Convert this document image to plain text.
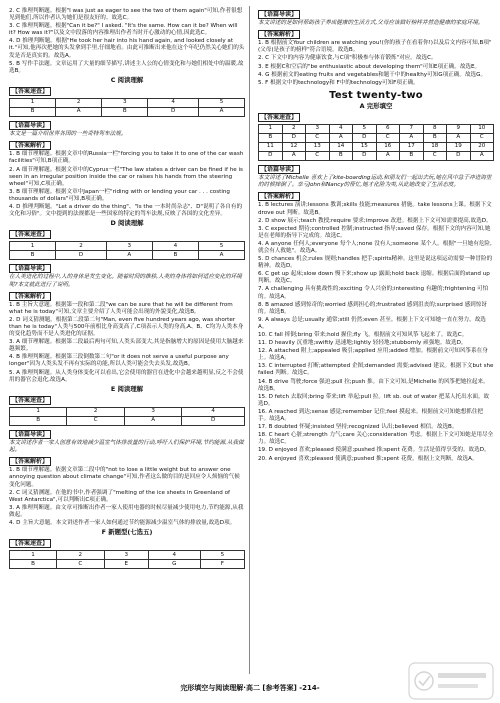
2. C 推理判断题。根据"I was just as eager to see the two of them again"可知,作者很想见到他们,所以作者认为她们是很友好的。故选C。

3. C 推理判断题。根据"Can it be?" I asked. "It's the same. How can it be? When will it? How was it?"以及文中段落的内容推理出作者当时开心激动的心情,因此选C。

4. D 推理判断题。根据"He took her hair into his hand again, and looked closely at it."可知,他再次把她的头发拿到手里,仔细地看。由此可推断出来他在这个年纪仍然关心她们的头发是否是真实的。故选A。

5. B 写作手法题。文章运用了大量的细节描写,讲述主人公的心情变化和与她们相处中的温暖,故选B。

C 阅读理解
【答案速查】
1	2	3	4	5
B	A	B	D	A
【语篇导读】

本文是一篇介绍世界各国的一些奇特驾车法规。

【答案解析】

1. B 细节理解题。根据文章中的Russia一栏"forcing you to take it to one of the car wash facilities"可知,B项正确。

2. A 细节理解题。根据文章中的Cyprus一栏"The law states a driver can be fined if he is seen in an irregular position inside the car or raises his hands from the steering wheel"可知,C项正确。

3. B 细节理解题。根据文章中Japan一栏"riding with or lending your car . . . costing thousands of dollars"可知,B项正确。

4. D 推理判断题。"Let a driver do the thing"、"Is the 一本时尚杂志"、D"说明了各自有的文化和习俗"。文中提到的法规都是一些国家的特定的驾车法规,反映了各国的文化差异。

D 阅读理解
【答案速查】
1	2	3	4	5
B	D	A	B	A
【语篇导读】

在人类进化的过程中,人的身体是发生变化。随着时间的推移,人类的身体将如何适应变化的环境呢?本文就此进行了说明。

【答案解析】

1. B 主旨大意题。根据第一段和第二段"we can be sure that he will be different from what he is today"可知,文章主要介绍了人类可能会出现的外貌变化,故选B。

2. D 词义猜测题。根据第二段第二句"Man, even five hundred years ago, was shorter than he is today"人类与500年前相比身高变高了,C项表示人类的身高,A、B、C均为人类本身的变化趋势而不是人类进化的证据。

3. A 细节理解题。根据第二段最后两句可知,人类头部变大,其是指脑增大的原因是使用大脑越来越频繁。

4. B 推理判断题。根据第三段倒数第二句"or it does not serve a useful purpose any longer"因为人类头发不再有实际的功能,所以人类可能会失去头发,故选B。

5. A 推理判断题。从人类身体变化可以看出,它会使用的器官在进化中会越来越明显,反之不会使用的器官会退化,故选A。

E 阅读理解
【答案速查】
1	2	3	4
B	C	A	D
【语篇导读】

本文讲述作者一家人创意有效地减少温室气体排放量的行动,呼吁人们保护环境,节约能源,从我做起。

【答案解析】

1. B 细节理解题。依据文章第二段中的"not to lose a little weight but to answer one annoying question about climate change"可知,作者这么做的目的是回应令人烦恼的气候变化问题。

2. C 词义猜测题。在他的书中,作者强调了"melting of the ice sheets in Greenland of West Antarctica",可以判断出C项正确。

3. A 推理判断题。由文章可推断出作者一家人使用电器的时候尽量减少使用电力,节约能源,从我做起。

4. D 主旨大意题。本文讲述作者一家人如何通过节约能源减少温室气体的排放量,故选D项。

F 新题型(七选五)
【答案速查】
1	2	3	4	5
B	C	E	G	F
【语篇导读】

本文讲述的是如何帮助孩子养成健康的生活方式,父母应该做好榜样并营造健康的家庭环境。

【答案解析】

1. B 根据前文Your children are watching you!(你的孩子在看着你!)以及后文内容可知,B项"(父母)是孩子的榜样"符合语境。故选B。

2. C 下文中的内容为健康饮食,与C项"积极参与体育锻炼"对应。故选C。

3. E 根据C和空后的"be enthusiastic about developing them"可知E项正确。故选E。

4. G 根据前文的eating fruits and vegetables和题干中的healthy可知G项正确。故选G。

5. F 根据文中的technology和 F中的technology可知F项正确。

Test twenty-two
A 完形填空
【答案速查】
1	2	3	4	5	6	7	8	9	10
B	D	C	A	D	C	A	B	A	C
11	12	13	14	15	16	17	18	19	20
D	A	C	B	D	A	B	C	D	A
【语篇导读】

本文讲述了Michelle 喜欢上了kite-boarding运动,和朋友们一起出去玩,她在风中急于冲进海里的时候摔倒了。幸亏John和Nancy的帮忙,她才化险为夷,从此她改变了生活态度。

【答案解析】

1. B lectures 演讲;lessons 教训;skills 技能;measures 措施。take lessons上课。根据下文drove out 判断。故选B。

2. D show 展示;teach 教授;require 要求;improve 改进。根据上下文可知需要提高,故选D。

3. C expected 期待;controlled 控制;instructed 指导;saved 保存。根据下文的内容可知,她是在老师的指导下完成的。故选C。

4. A anyone 任何人;everyone 每个人;none 没有人;someone 某个人。根据"一旦她有危险,就会有人救她"。故选A。

5. D chances 机会;rules 规则;handles 把手;spirits精神。这里是说这项运动需要一种冒险的精神。故选D。

6. C get up 起床;slow down 慢下来;show up 露面;hold back 退缩。根据后面的stand up 判断。故选C。

7. A challenging 具有挑战性的;exciting 令人兴奋的;interesting 有趣的;frightening 可怕的。故选A。

8. B amazed 感到惊奇的;worried 感到担心的;frustrated 感到沮丧的;surprised 感到惊讶的。故选B。

9. A always 总是;usually 通常;still 仍然;even 甚至。根据上下文可知她一直在努力。故选A。

10. C fall 摔倒;bring 带来;hold 握住;fly 飞。根据前文可知风筝飞起来了。故选C。

11. D heavily 沉重地;swiftly 迅速地;lightly 轻轻地;stubbornly 顽强地。故选D。

12. A attached 附上;appealed 吸引;applied 应用;added 增加。根据前文可知风筝系在身上。故选A。

13. C interrupted 打断;attempted 企图;demanded 需要;advised 建议。根据下文but she failed 判断。故选C。

14. B drive 驾驶;force 强迫;pull 拉;push 推。由下文可知,是Michelle 的风筝把她拉起来。故选B。

15. D fetch 去取回;bring 带来;lift 举起;pull 拉。lift sb. out of water 把某人托出水面。故选D。

16. A reached 到达;sense 感觉;remember 记住;feel 摸起来。根据前文可知她想抓住把手。故选A。

17. B doubted 怀疑;insisted 坚持;recognized 认出;believed 相信。故选B。

18. C heart 心脏;strength 力气;care 关心;consideration 考虑。根据上下文可知她是用尽全力。故选C。

19. D enjoyed 喜欢;pleased 使满意;pushed 推;spent 花费。生活是值得享受的。故选D。

20. A enjoyed 喜欢;pleased 使满意;pushed 推;spent 花费。根据上文判断。故选A。

完形填空与阅读理解·高二 [参考答案] -214-
